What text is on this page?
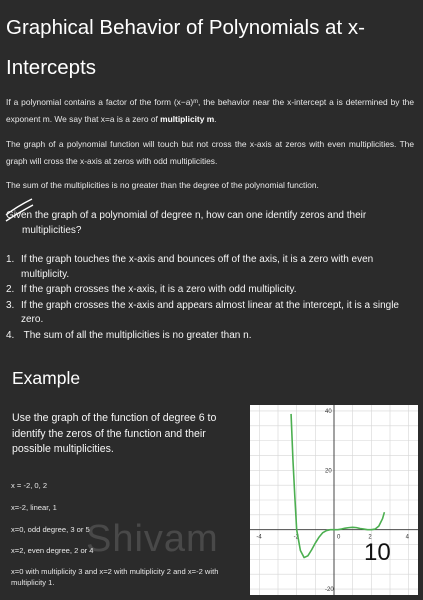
Graphical Behavior of Polynomials at x-Intercepts

If a polynomial contains a factor of the form (x−a)ᵐ, the behavior near the x-intercept a is determined by the exponent m. We say that x=a is a zero of multiplicity m.

The graph of a polynomial function will touch but not cross the x-axis at zeros with even multiplicities. The graph will cross the x-axis at zeros with odd multiplicities.

The sum of the multiplicities is no greater than the degree of the polynomial function.

Given the graph of a polynomial of degree n, how can one identify zeros and their
multiplicities?

1. If the graph touches the x-axis and bounces off of the axis, it is a zero with even multiplicity.
2. If the graph crosses the x-axis, it is a zero with odd multiplicity.
3. If the graph crosses the x-axis and appears almost linear at the intercept, it is a single zero.
4. The sum of all the multiplicities is no greater than n.
Example

Use the graph of the function of degree 6 to identify the zeros of the function and their possible multiplicities.

x = -2, 0, 2

x=-2, linear, 1

x=0, odd degree, 3 or 5

x=2, even degree, 2 or 4

x=0 with multiplicity 3 and x=2 with multiplicity 2 and x=-2 with multiplicity 1.

Shivam	-4	-2	0	2	4
40
20
-20
10
